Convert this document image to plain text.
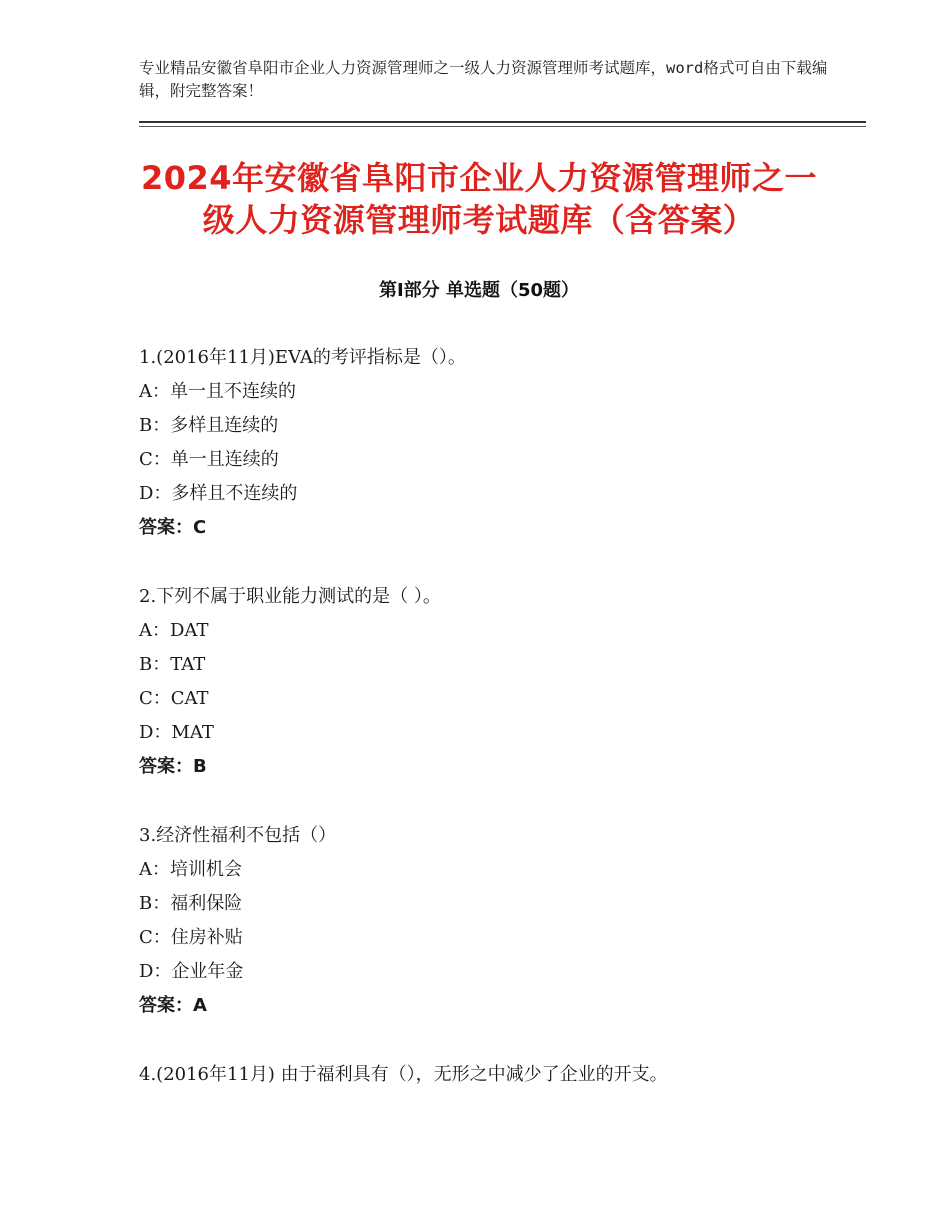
专业精品安徽省阜阳市企业人力资源管理师之一级人力资源管理师考试题库，word格式可自由下载编辑，附完整答案！
2024年安徽省阜阳市企业人力资源管理师之一级人力资源管理师考试题库（含答案）
第Ⅰ部分 单选题（50题）
1.(2016年11月)EVA的考评指标是（）。
A：单一且不连续的
B：多样且连续的
C：单一且连续的
D：多样且不连续的
答案：C
2.下列不属于职业能力测试的是（ ）。
A：DAT
B：TAT
C：CAT
D：MAT
答案：B
3.经济性福利不包括（）
A：培训机会
B：福利保险
C：住房补贴
D：企业年金
答案：A
4.(2016年11月) 由于福利具有（），无形之中减少了企业的开支。
